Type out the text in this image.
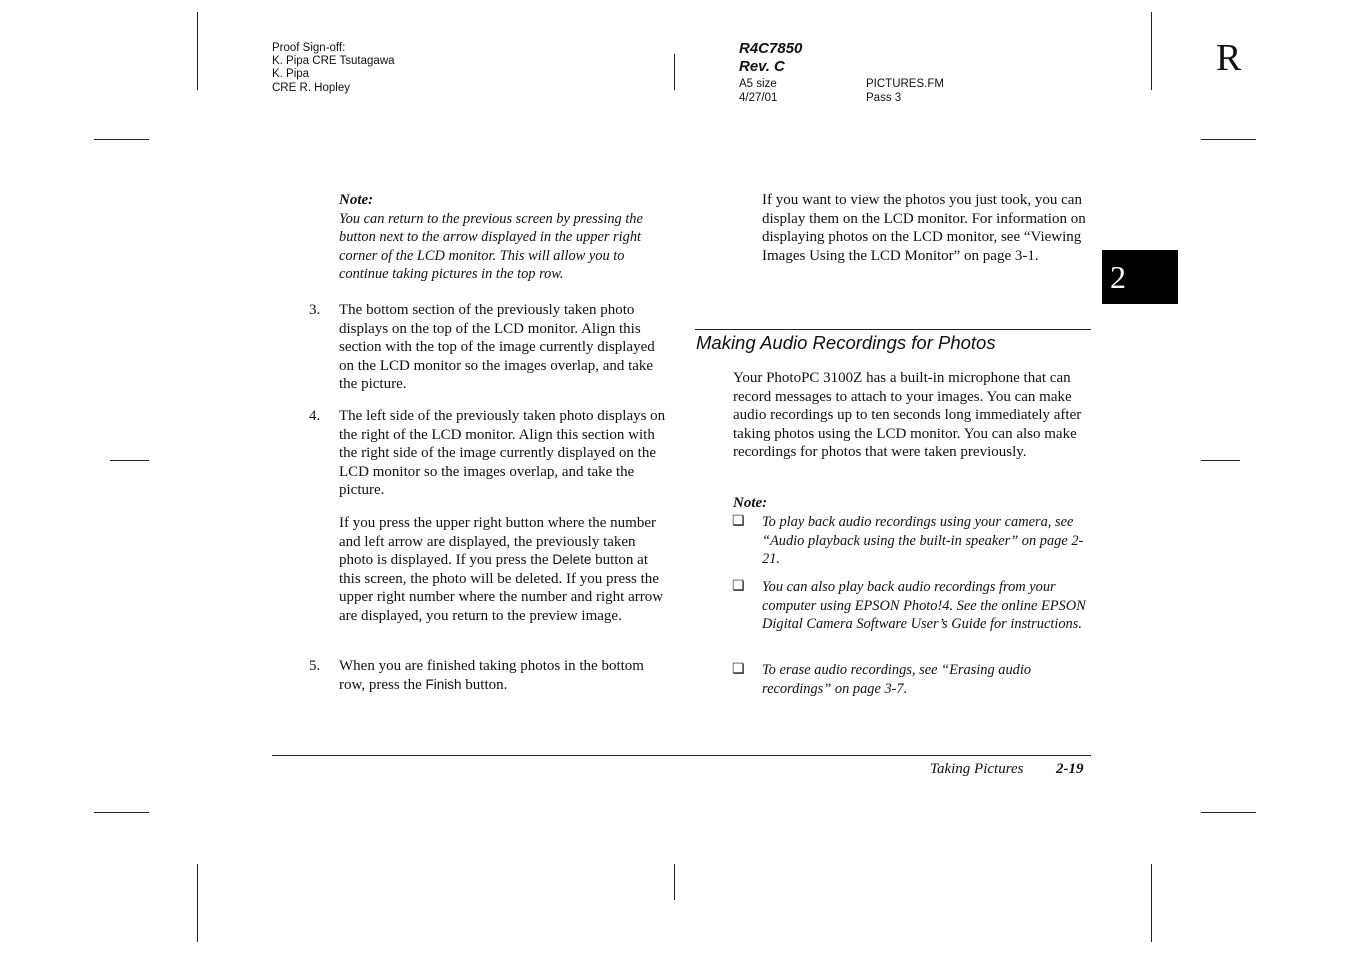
Proof Sign-off:
K. Pipa CRE Tsutagawa
K. Pipa
CRE R. Hopley
R4C7850
Rev. C
A5 size
4/27/01
PICTURES.FM
Pass 3
R
2
Note:
You can return to the previous screen by pressing the button next to the arrow displayed in the upper right corner of the LCD monitor. This will allow you to continue taking pictures in the top row.
3.	The bottom section of the previously taken photo displays on the top of the LCD monitor. Align this section with the top of the image currently displayed on the LCD monitor so the images overlap, and take the picture.
4.	The left side of the previously taken photo displays on the right of the LCD monitor. Align this section with the right side of the image currently displayed on the LCD monitor so the images overlap, and take the picture.
If you press the upper right button where the number and left arrow are displayed, the previously taken photo is displayed. If you press the Delete button at this screen, the photo will be deleted. If you press the upper right number where the number and right arrow are displayed, you return to the preview image.
5.	When you are finished taking photos in the bottom row, press the Finish button.
If you want to view the photos you just took, you can display them on the LCD monitor. For information on displaying photos on the LCD monitor, see “Viewing Images Using the LCD Monitor” on page 3-1.
Making Audio Recordings for Photos
Your PhotoPC 3100Z has a built-in microphone that can record messages to attach to your images. You can make audio recordings up to ten seconds long immediately after taking photos using the LCD monitor. You can also make recordings for photos that were taken previously.
Note:
❏ To play back audio recordings using your camera, see “Audio playback using the built-in speaker” on page 2-21.
❏ You can also play back audio recordings from your computer using EPSON Photo!4. See the online EPSON Digital Camera Software User’s Guide for instructions.
❏ To erase audio recordings, see “Erasing audio recordings” on page 3-7.
Taking Pictures 2-19
